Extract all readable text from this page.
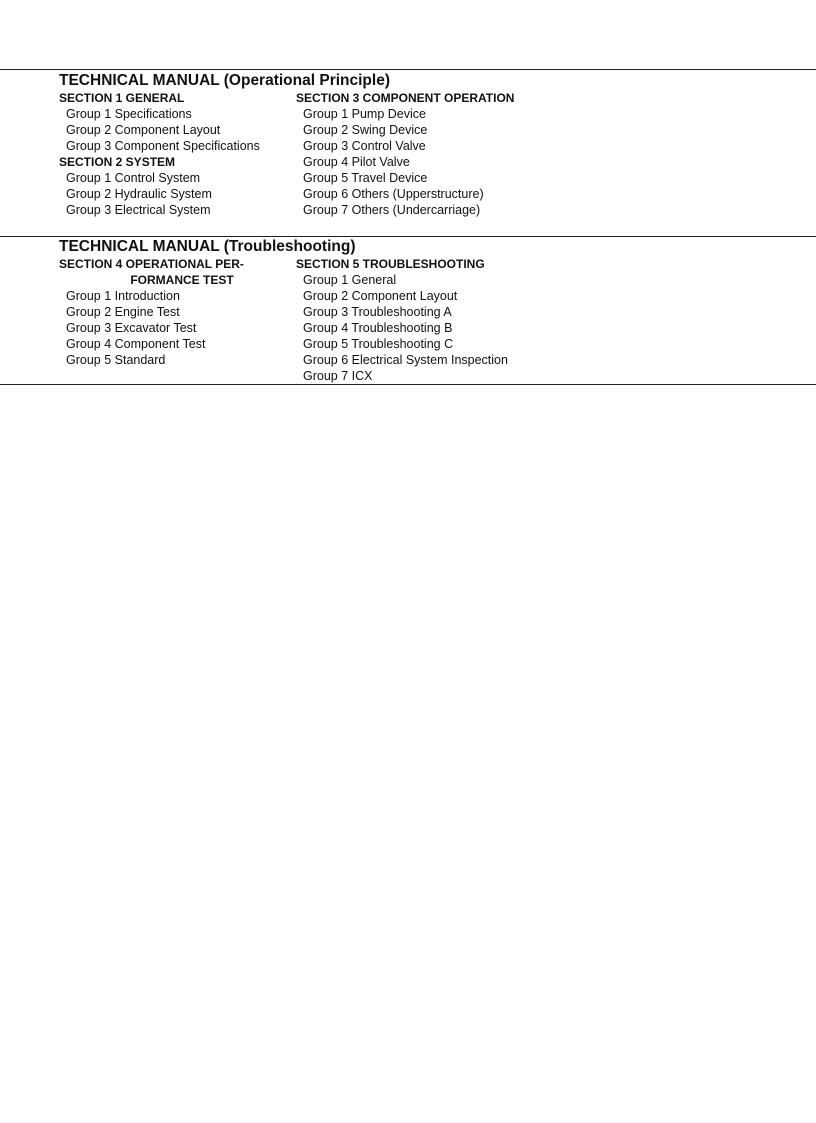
TECHNICAL MANUAL (Operational Principle)
SECTION 1 GENERAL
Group 1 Specifications
Group 2 Component Layout
Group 3 Component Specifications
SECTION 2 SYSTEM
Group 1 Control System
Group 2 Hydraulic System
Group 3 Electrical System
SECTION 3 COMPONENT OPERATION
Group 1 Pump Device
Group 2 Swing Device
Group 3 Control Valve
Group 4 Pilot Valve
Group 5 Travel Device
Group 6 Others (Upperstructure)
Group 7 Others (Undercarriage)
TECHNICAL MANUAL (Troubleshooting)
SECTION 4 OPERATIONAL PER-
FORMANCE TEST
Group 1 Introduction
Group 2 Engine Test
Group 3 Excavator Test
Group 4 Component Test
Group 5 Standard
SECTION 5 TROUBLESHOOTING
Group 1 General
Group 2 Component Layout
Group 3 Troubleshooting A
Group 4 Troubleshooting B
Group 5 Troubleshooting C
Group 6 Electrical System Inspection
Group 7 ICX
